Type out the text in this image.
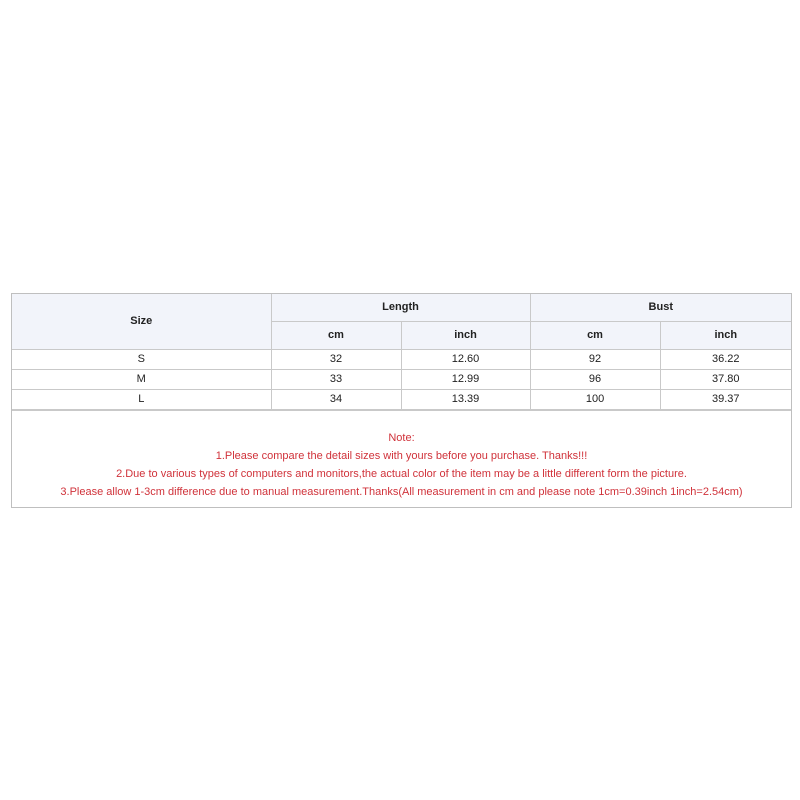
Size	Length		Bust	
	cm	inch	cm	inch
S	32	12.60	92	36.22
M	33	12.99	96	37.80
L	34	13.39	100	39.37
Note:
1.Please compare the detail sizes with yours before you purchase. Thanks!!!
2.Due to various types of computers and monitors,the actual color of the item may be a little different form the picture.
3.Please allow 1-3cm difference due to manual measurement.Thanks(All measurement in cm and please note 1cm=0.39inch 1inch=2.54cm)
